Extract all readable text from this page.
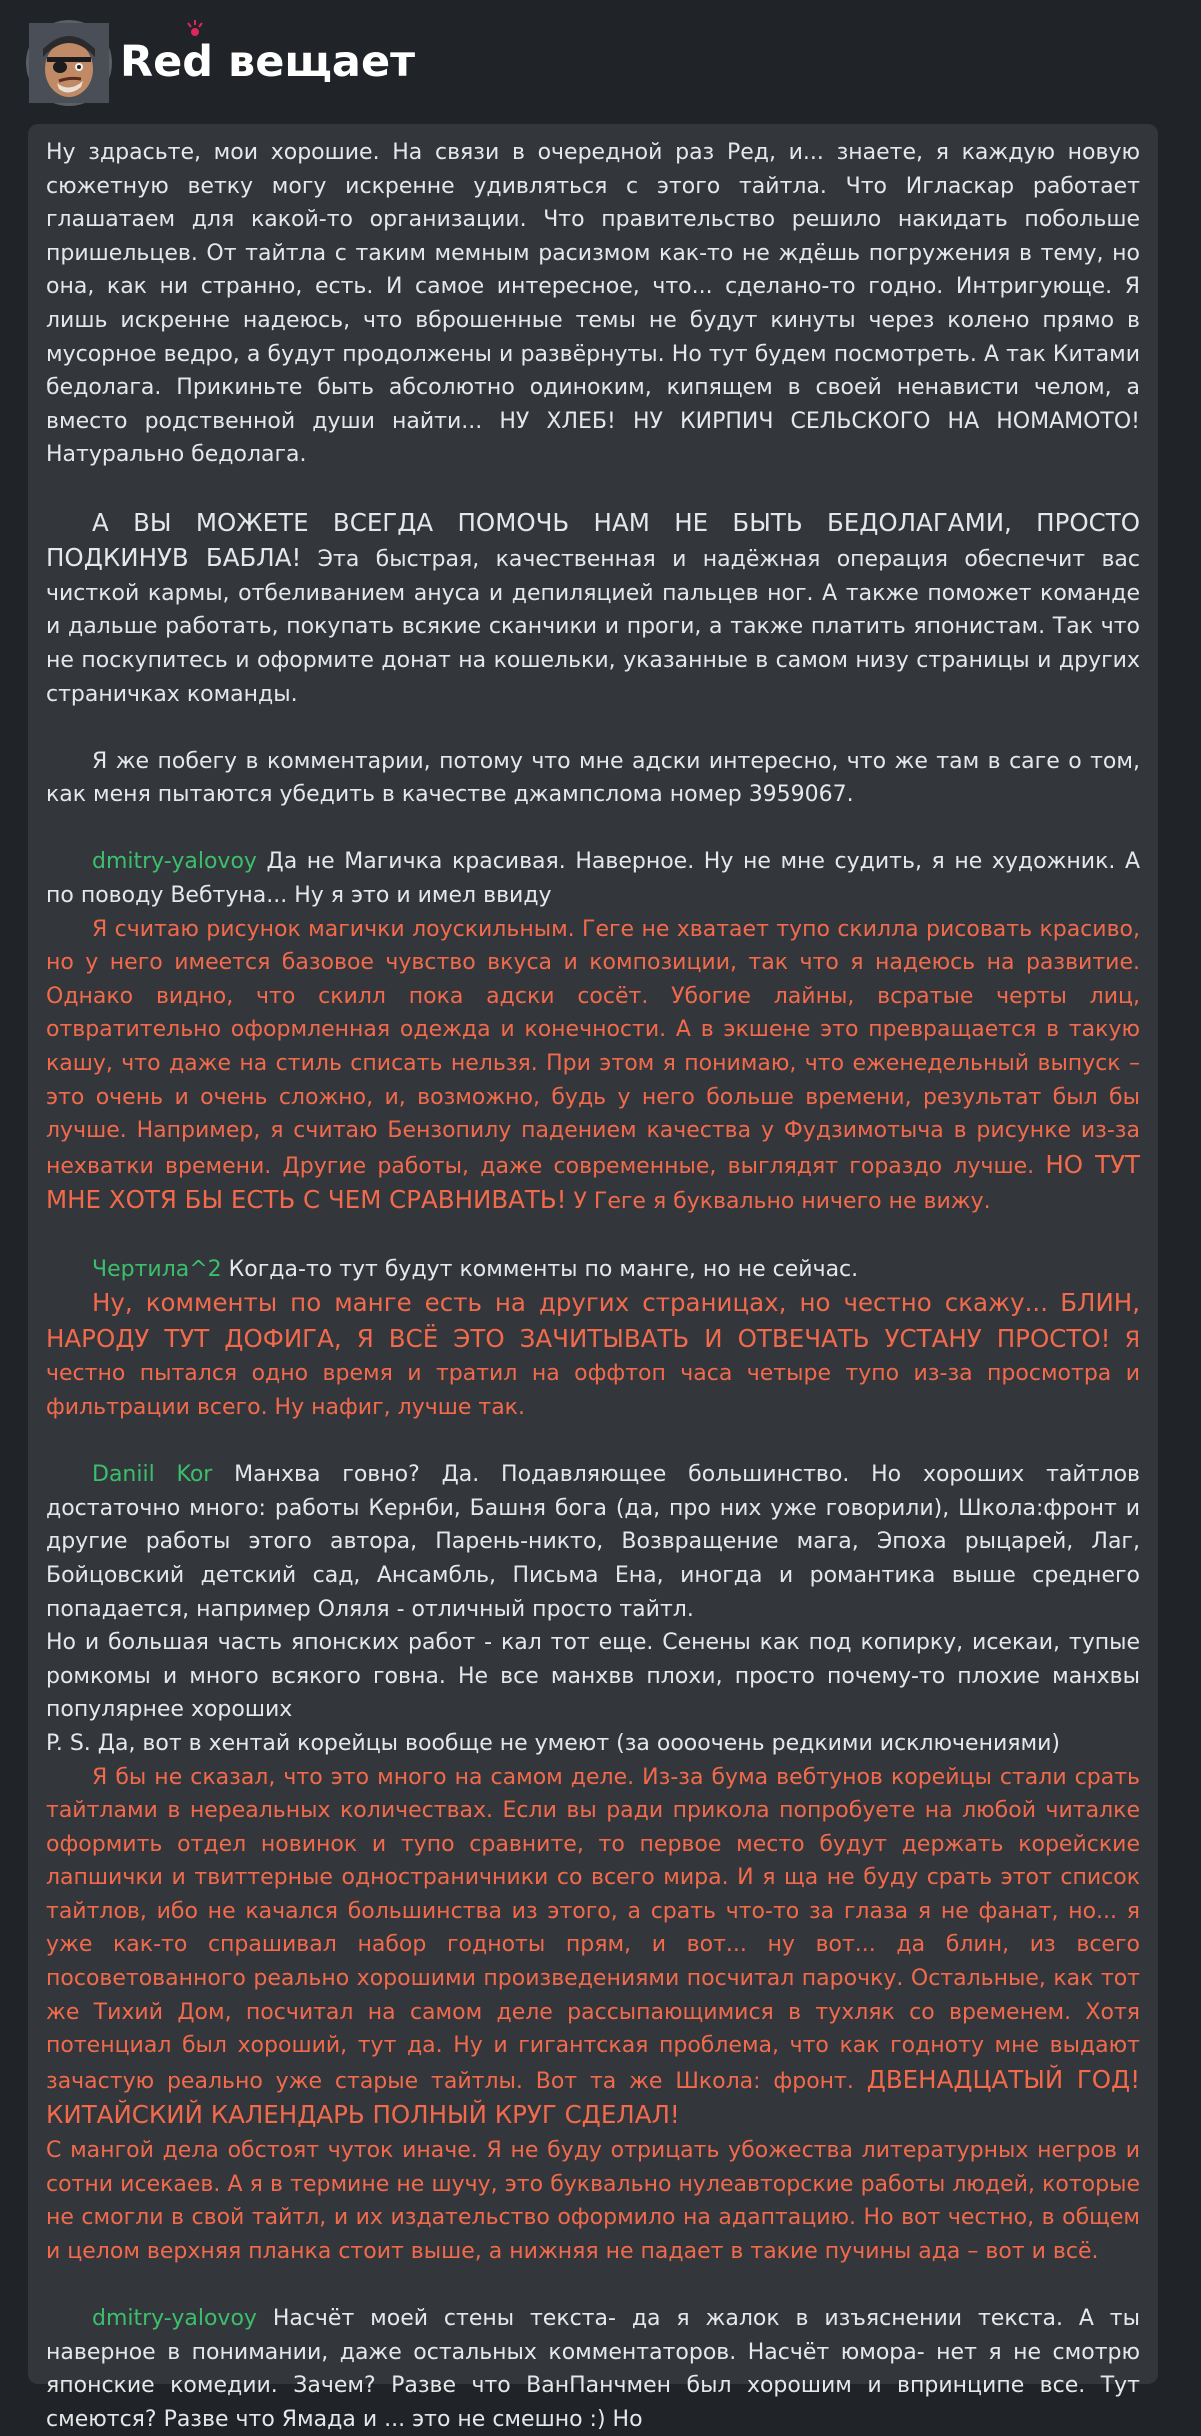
Red вещает

Ну здрасьте, мои хорошие. На связи в очередной раз Ред, и... знаете, я каждую новую сюжетную ветку могу искренне удивляться с этого тайтла. Что Игласкар работает глашатаем для какой-то организации. Что правительство решило накидать побольше пришельцев. От тайтла с таким мемным расизмом как-то не ждёшь погружения в тему, но она, как ни странно, есть. И самое интересное, что... сделано-то годно. Интригующе. Я лишь искренне надеюсь, что вброшенные темы не будут кинуты через колено прямо в мусорное ведро, а будут продолжены и развёрнуты. Но тут будем посмотреть. А так Китами бедолага. Прикиньте быть абсолютно одиноким, кипящем в своей ненависти челом, а вместо родственной души найти... НУ ХЛЕБ! НУ КИРПИЧ СЕЛЬСКОГО НА НОМАМОТО! Натурально бедолага.

А ВЫ МОЖЕТЕ ВСЕГДА ПОМОЧЬ НАМ НЕ БЫТЬ БЕДОЛАГАМИ, ПРОСТО ПОДКИНУВ БАБЛА! Эта быстрая, качественная и надёжная операция обеспечит вас чисткой кармы, отбеливанием ануса и депиляцией пальцев ног. А также поможет команде и дальше работать, покупать всякие сканчики и проги, а также платить японистам. Так что не поскупитесь и оформите донат на кошельки, указанные в самом низу страницы и других страничках команды.

Я же побегу в комментарии, потому что мне адски интересно, что же там в саге о том, как меня пытаются убедить в качестве джампслома номер 3959067.

dmitry-yalovoy Да не Магичка красивая. Наверное. Ну не мне судить, я не художник. А по поводу Вебтуна... Ну я это и имел ввиду

Я считаю рисунок магички лоускильным. Геге не хватает тупо скилла рисовать красиво, но у него имеется базовое чувство вкуса и композиции, так что я надеюсь на развитие. Однако видно, что скилл пока адски сосёт. Убогие лайны, всратые черты лиц, отвратительно оформленная одежда и конечности. А в экшене это превращается в такую кашу, что даже на стиль списать нельзя. При этом я понимаю, что еженедельный выпуск – это очень и очень сложно, и, возможно, будь у него больше времени, результат был бы лучше. Например, я считаю Бензопилу падением качества у Фудзимотыча в рисунке из-за нехватки времени. Другие работы, даже современные, выглядят гораздо лучше. НО ТУТ МНЕ ХОТЯ БЫ ЕСТЬ С ЧЕМ СРАВНИВАТЬ! У Геге я буквально ничего не вижу.

Чертила^2 Когда-то тут будут комменты по манге, но не сейчас.

Ну, комменты по манге есть на других страницах, но честно скажу... БЛИН, НАРОДУ ТУТ ДОФИГА, Я ВСЁ ЭТО ЗАЧИТЫВАТЬ И ОТВЕЧАТЬ УСТАНУ ПРОСТО! Я честно пытался одно время и тратил на оффтоп часа четыре тупо из-за просмотра и фильтрации всего. Ну нафиг, лучше так.

Daniil Kor Манхва говно? Да. Подавляющее большинство. Но хороших тайтлов достаточно много: работы Кернби, Башня бога (да, про них уже говорили), Школа:фронт и другие работы этого автора, Парень-никто, Возвращение мага, Эпоха рыцарей, Лаг, Бойцовский детский сад, Ансамбль, Письма Ена, иногда и романтика выше среднего попадается, например Оляля - отличный просто тайтл.

Но и большая часть японских работ - кал тот еще. Сенены как под копирку, исекаи, тупые ромкомы и много всякого говна. Не все манхвв плохи, просто почему-то плохие манхвы популярнее хороших

P. S. Да, вот в хентай корейцы вообще не умеют (за оооочень редкими исключениями)

Я бы не сказал, что это много на самом деле. Из-за бума вебтунов корейцы стали срать тайтлами в нереальных количествах. Если вы ради прикола попробуете на любой читалке оформить отдел новинок и тупо сравните, то первое место будут держать корейские лапшички и твиттерные одностраничники со всего мира. И я ща не буду срать этот список тайтлов, ибо не качался большинства из этого, а срать что-то за глаза я не фанат, но... я уже как-то спрашивал набор годноты прям, и вот... ну вот... да блин, из всего посоветованного реально хорошими произведениями посчитал парочку. Остальные, как тот же Тихий Дом, посчитал на самом деле рассыпающимися в тухляк со временем. Хотя потенциал был хороший, тут да. Ну и гигантская проблема, что как годноту мне выдают зачастую реально уже старые тайтлы. Вот та же Школа: фронт. ДВЕНАДЦАТЫЙ ГОД! КИТАЙСКИЙ КАЛЕНДАРЬ ПОЛНЫЙ КРУГ СДЕЛАЛ!

С мангой дела обстоят чуток иначе. Я не буду отрицать убожества литературных негров и сотни исекаев. А я в термине не шучу, это буквально нулеавторские работы людей, которые не смогли в свой тайтл, и их издательство оформило на адаптацию. Но вот честно, в общем и целом верхняя планка стоит выше, а нижняя не падает в такие пучины ада – вот и всё.

dmitry-yalovoy Насчёт моей стены текста- да я жалок в изъяснении текста. А ты наверное в понимании, даже остальных комментаторов. Насчёт юмора- нет я не смотрю японские комедии. Зачем? Разве что ВанПанчмен был хорошим и впринципе все. Тут смеются? Разве что Ямада и ... это не смешно :) Но
